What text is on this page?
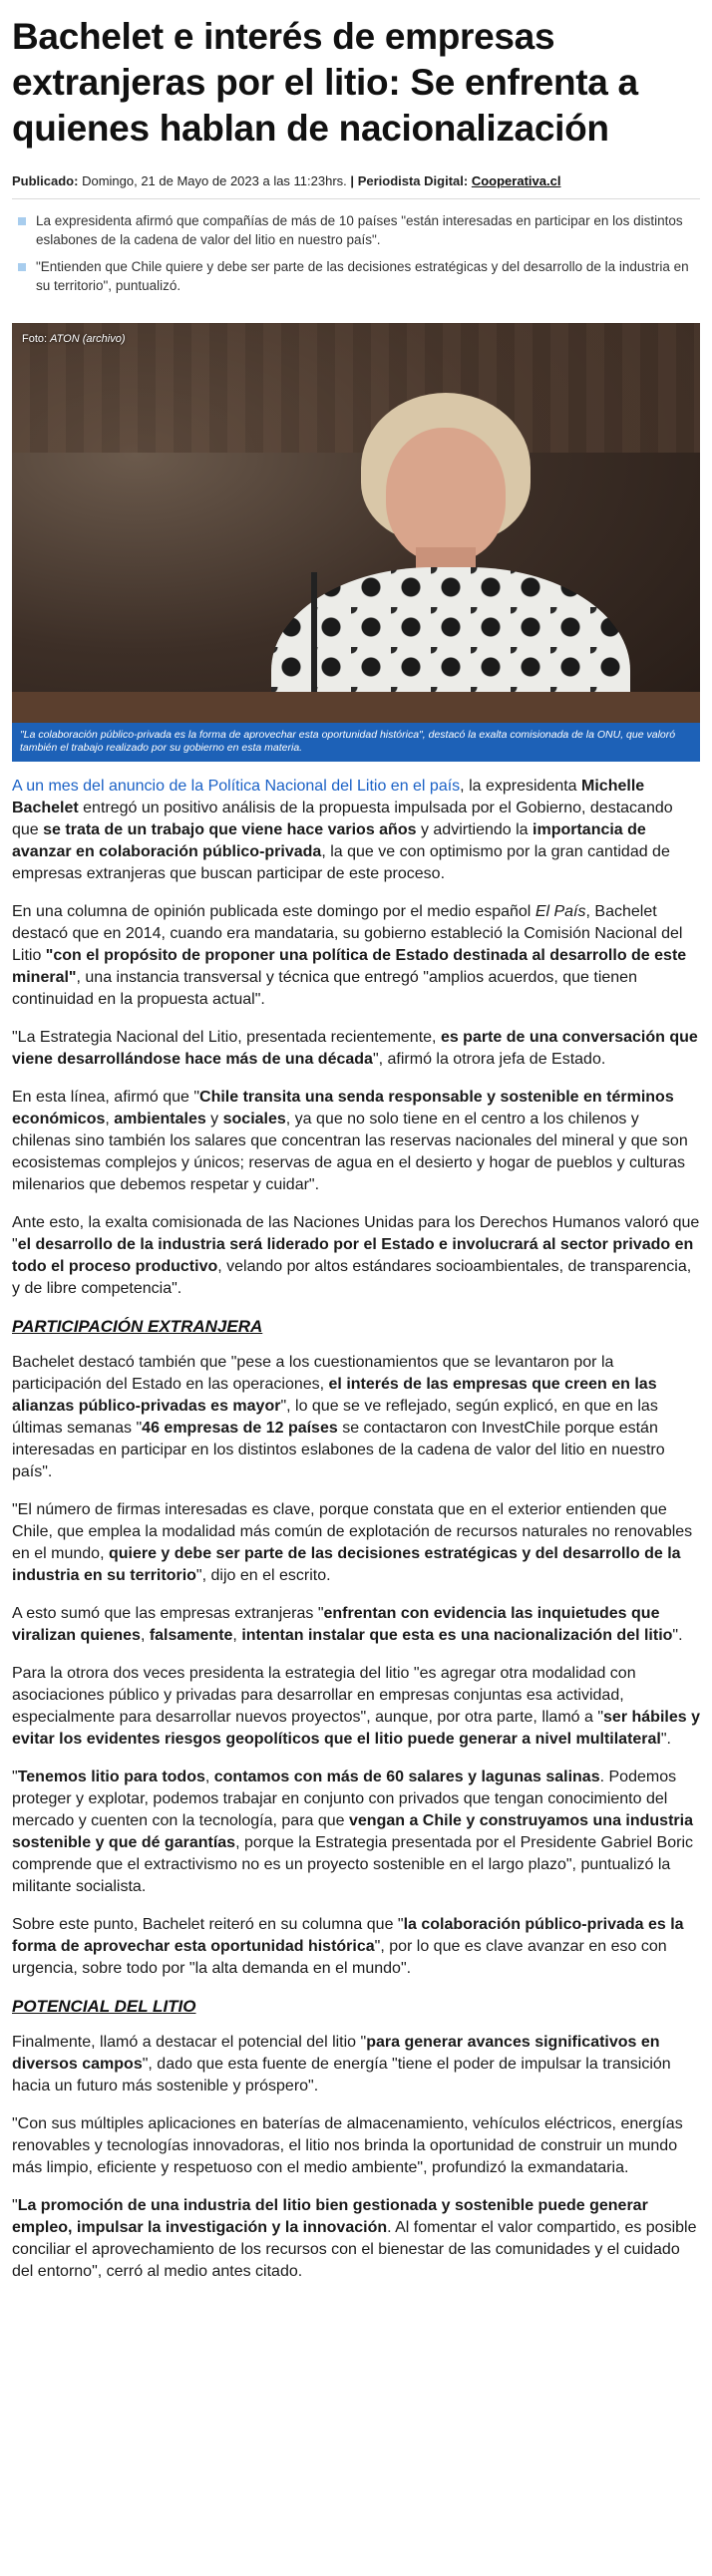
Bachelet e interés de empresas extranjeras por el litio: Se enfrenta a quienes hablan de nacionalización
Publicado: Domingo, 21 de Mayo de 2023 a las 11:23hrs. | Periodista Digital: Cooperativa.cl
La expresidenta afirmó que compañías de más de 10 países "están interesadas en participar en los distintos eslabones de la cadena de valor del litio en nuestro país".
"Entienden que Chile quiere y debe ser parte de las decisiones estratégicas y del desarrollo de la industria en su territorio", puntualizó.
Foto: ATON (archivo)
"La colaboración público-privada es la forma de aprovechar esta oportunidad histórica", destacó la exalta comisionada de la ONU, que valoró también el trabajo realizado por su gobierno en esta materia.

A un mes del anuncio de la Política Nacional del Litio en el país, la expresidenta Michelle Bachelet entregó un positivo análisis de la propuesta impulsada por el Gobierno, destacando que se trata de un trabajo que viene hace varios años y advirtiendo la importancia de avanzar en colaboración público-privada, la que ve con optimismo por la gran cantidad de empresas extranjeras que buscan participar de este proceso.

En una columna de opinión publicada este domingo por el medio español El País, Bachelet destacó que en 2014, cuando era mandataria, su gobierno estableció la Comisión Nacional del Litio "con el propósito de proponer una política de Estado destinada al desarrollo de este mineral", una instancia transversal y técnica que entregó "amplios acuerdos, que tienen continuidad en la propuesta actual".

"La Estrategia Nacional del Litio, presentada recientemente, es parte de una conversación que viene desarrollándose hace más de una década", afirmó la otrora jefa de Estado.

En esta línea, afirmó que "Chile transita una senda responsable y sostenible en términos económicos, ambientales y sociales, ya que no solo tiene en el centro a los chilenos y chilenas sino también los salares que concentran las reservas nacionales del mineral y que son ecosistemas complejos y únicos; reservas de agua en el desierto y hogar de pueblos y culturas milenarios que debemos respetar y cuidar".

Ante esto, la exalta comisionada de las Naciones Unidas para los Derechos Humanos valoró que "el desarrollo de la industria será liderado por el Estado e involucrará al sector privado en todo el proceso productivo, velando por altos estándares socioambientales, de transparencia, y de libre competencia".

PARTICIPACIÓN EXTRANJERA

Bachelet destacó también que "pese a los cuestionamientos que se levantaron por la participación del Estado en las operaciones, el interés de las empresas que creen en las alianzas público-privadas es mayor", lo que se ve reflejado, según explicó, en que en las últimas semanas "46 empresas de 12 países se contactaron con InvestChile porque están interesadas en participar en los distintos eslabones de la cadena de valor del litio en nuestro país".

"El número de firmas interesadas es clave, porque constata que en el exterior entienden que Chile, que emplea la modalidad más común de explotación de recursos naturales no renovables en el mundo, quiere y debe ser parte de las decisiones estratégicas y del desarrollo de la industria en su territorio", dijo en el escrito.

A esto sumó que las empresas extranjeras "enfrentan con evidencia las inquietudes que viralizan quienes, falsamente, intentan instalar que esta es una nacionalización del litio".

Para la otrora dos veces presidenta la estrategia del litio "es agregar otra modalidad con asociaciones público y privadas para desarrollar en empresas conjuntas esa actividad, especialmente para desarrollar nuevos proyectos", aunque, por otra parte, llamó a "ser hábiles y evitar los evidentes riesgos geopolíticos que el litio puede generar a nivel multilateral".

"Tenemos litio para todos, contamos con más de 60 salares y lagunas salinas. Podemos proteger y explotar, podemos trabajar en conjunto con privados que tengan conocimiento del mercado y cuenten con la tecnología, para que vengan a Chile y construyamos una industria sostenible y que dé garantías, porque la Estrategia presentada por el Presidente Gabriel Boric comprende que el extractivismo no es un proyecto sostenible en el largo plazo", puntualizó la militante socialista.

Sobre este punto, Bachelet reiteró en su columna que "la colaboración público-privada es la forma de aprovechar esta oportunidad histórica", por lo que es clave avanzar en eso con urgencia, sobre todo por "la alta demanda en el mundo".

POTENCIAL DEL LITIO

Finalmente, llamó a destacar el potencial del litio "para generar avances significativos en diversos campos", dado que esta fuente de energía "tiene el poder de impulsar la transición hacia un futuro más sostenible y próspero".

"Con sus múltiples aplicaciones en baterías de almacenamiento, vehículos eléctricos, energías renovables y tecnologías innovadoras, el litio nos brinda la oportunidad de construir un mundo más limpio, eficiente y respetuoso con el medio ambiente", profundizó la exmandataria.

"La promoción de una industria del litio bien gestionada y sostenible puede generar empleo, impulsar la investigación y la innovación. Al fomentar el valor compartido, es posible conciliar el aprovechamiento de los recursos con el bienestar de las comunidades y el cuidado del entorno", cerró al medio antes citado.
